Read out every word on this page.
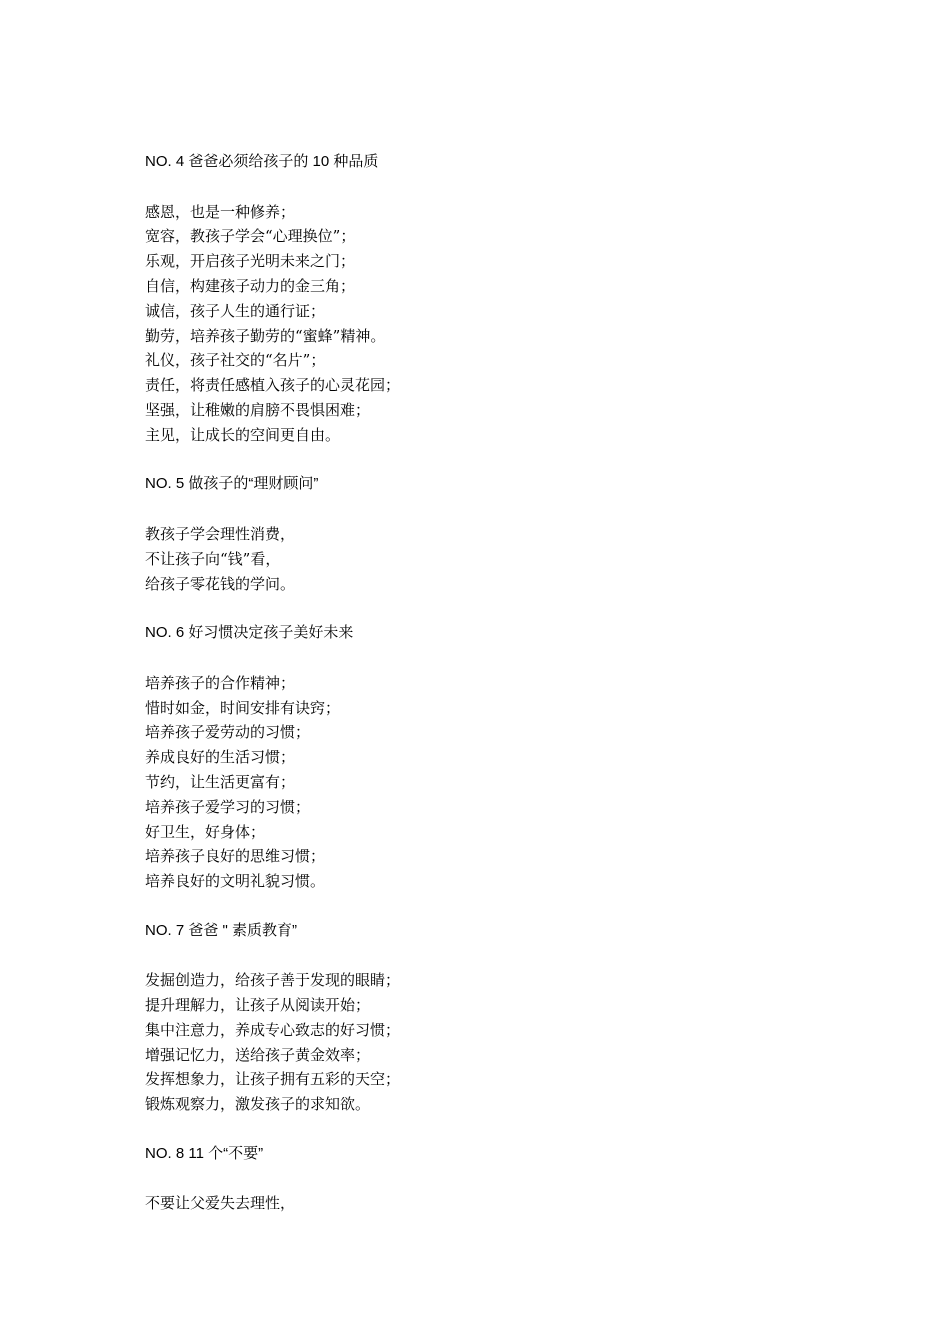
NO. 4 爸爸必须给孩子的 10 种品质
感恩，也是一种修养；
宽容，教孩子学会“心理换位”；
乐观，开启孩子光明未来之门；
自信，构建孩子动力的金三角；
诚信，孩子人生的通行证；
勤劳，培养孩子勤劳的“蜜蜂”精神。
礼仪，孩子社交的“名片”；
责任，将责任感植入孩子的心灵花园；
坚强，让稚嫩的肩膀不畏惧困难；
主见，让成长的空间更自由。
NO. 5 做孩子的“理财顾问”
教孩子学会理性消费，
不让孩子向“钱”看，
给孩子零花钱的学问。
NO. 6 好习惯决定孩子美好未来
培养孩子的合作精神；
惜时如金，时间安排有诀窍；
培养孩子爱劳动的习惯；
养成良好的生活习惯；
节约，让生活更富有；
培养孩子爱学习的习惯；
好卫生，好身体；
培养孩子良好的思维习惯；
培养良好的文明礼貌习惯。
NO. 7 爸爸 " 素质教育”
发掘创造力，给孩子善于发现的眼睛；
提升理解力，让孩子从阅读开始；
集中注意力，养成专心致志的好习惯；
增强记忆力，送给孩子黄金效率；
发挥想象力，让孩子拥有五彩的天空；
锻炼观察力，激发孩子的求知欲。
NO. 8 11 个“不要”
不要让父爱失去理性，
